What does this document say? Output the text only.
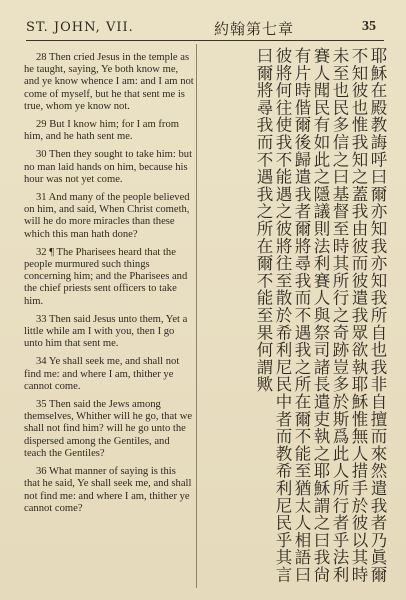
ST. JOHN, VII.	約翰第七章	35

28 Then cried Jesus in the temple as he taught, saying, Ye both know me, and ye know whence I am: and I am not come of myself, but he that sent me is true, whom ye know not.

29 But I know him; for I am from him, and he hath sent me.

30 Then they sought to take him: but no man laid hands on him, because his hour was not yet come.

31 And many of the people believed on him, and said, When Christ cometh, will he do more miracles than these which this man hath done?

32 ¶ The Pharisees heard that the people murmured such things concerning him; and the Pharisees and the chief priests sent officers to take him.

33 Then said Jesus unto them, Yet a little while am I with you, then I go unto him that sent me.

34 Ye shall seek me, and shall not find me: and where I am, thither ye cannot come.

35 Then said the Jews among themselves, Whither will he go, that we shall not find him? will he go unto the dispersed among the Gentiles, and teach the Gentiles?

36 What manner of saying is this that he said, Ye shall seek me, and shall not find me: and where I am, thither ye cannot come?	耶穌在殿教誨呼曰爾亦知我亦知我所自也我非自擅而來然遣我者乃眞爾不知彼也惟我知之蓋我由彼而彼遣我眾欲執耶穌惟無人措手於彼以其時未至也民多信之曰基督至時其所行之奇跡豈多於斯爲此人所行者乎法利賽人聞民有如此之隱議則法利賽人與祭司諸長遣吏執之耶穌謂之曰我尙有片時偕爾後歸遣我者爾將尋我而不遇我之所在爾不能至猶太人相語曰彼將何往使我不能遇之彼將往至散於希利尼民中者而教希利尼民乎其言曰爾將尋我而不遇我之所在爾不能至果何謂歟
